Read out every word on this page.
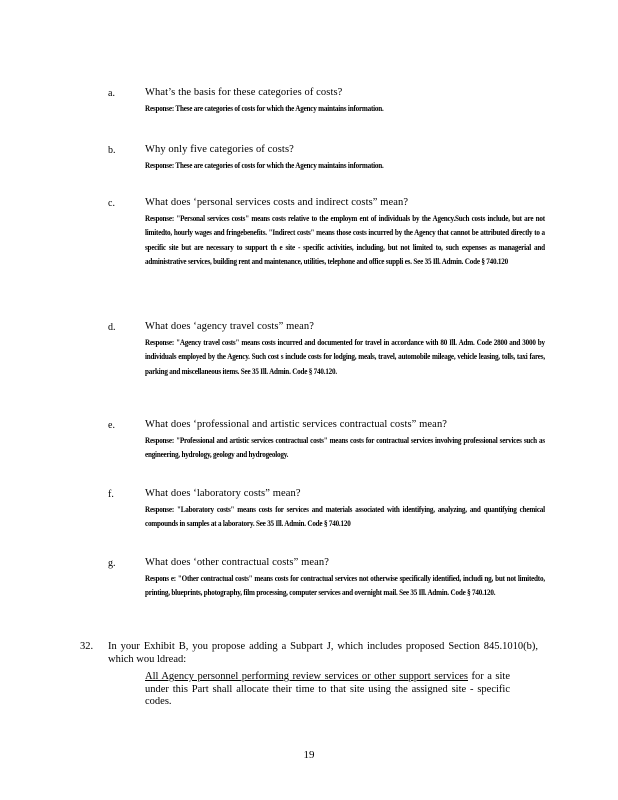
a.	What’s the basis for these categories of costs?
Response: These are categories of costs for which the Agency maintains information.
b.	Why only five categories of costs?
Response: These are categories of costs for which the Agency maintains information.
c.	What does ‘personal services costs and indirect costs” mean?
Response: "Personal services costs" means costs relative to the employm ent of individuals by the Agency.Such costs include, but are not limitedto, hourly wages and fringebenefits. "Indirect costs" means those costs incurred by the Agency that cannot be attributed directly to a specific site but are necessary to support th e site - specific activities, including, but not limited to, such expenses as managerial and administrative services, building rent and maintenance, utilities, telephone and office suppli es. See 35 Ill. Admin. Code § 740.120
d.	What does ‘agency travel costs” mean?
Response: "Agency travel costs" means costs incurred and documented for travel in accordance with 80 Ill. Adm. Code 2800 and 3000 by individuals employed by the Agency. Such cost s include costs for lodging, meals, travel, automobile mileage, vehicle leasing, tolls, taxi fares, parking and miscellaneous items. See 35 Ill. Admin. Code § 740.120.
e.	What does ‘professional and artistic services contractual costs” mean?
Response: "Professional and artistic services contractual costs" means costs for contractual services involving professional services such as engineering, hydrology, geology and hydrogeology.
f.	What does ‘laboratory costs” mean?
Response: "Laboratory costs" means costs for services and materials associated with identifying, analyzing, and quantifying chemical compounds in samples at a laboratory. See 35 Ill. Admin. Code § 740.120
g.	What does ‘other contractual costs” mean?
Respons e: "Other contractual costs" means costs for contractual services not otherwise specifically identified, includi ng, but not limitedto, printing, blueprints, photography, film processing, computer services and overnight mail. See 35 Ill. Admin. Code § 740.120.
32. In your Exhibit B, you propose adding a Subpart J, which includes proposed Section 845.1010(b), which wou ldread:
All Agency personnel performing review services or other support services for a site under this Part shall allocate their time to that site using the assigned site - specific codes.
19
